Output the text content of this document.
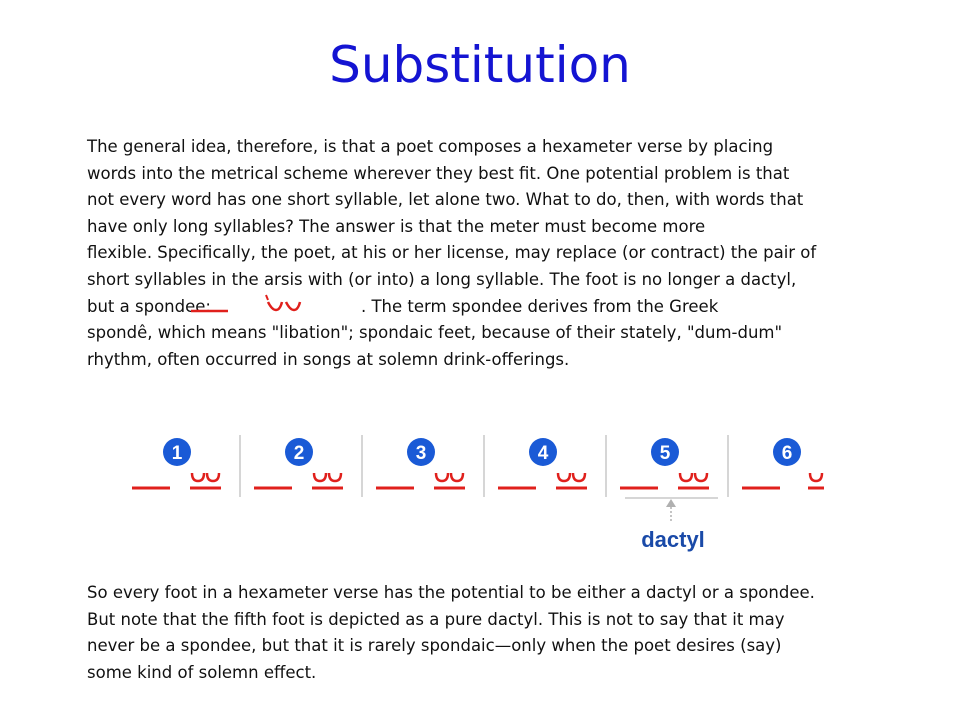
Substitution
The general idea, therefore, is that a poet composes a hexameter verse by placing
words into the metrical scheme wherever they best fit. One potential problem is that
not every word has one short syllable, let alone two. What to do, then, with words that
have only long syllables? The answer is that the meter must become more
flexible. Specifically, the poet, at his or her license, may replace (or contract) the pair of
short syllables in the arsis with (or into) a long syllable. The foot is no longer a dactyl,
but a spondee:	. The term spondee derives from the Greek
spondê, which means "libation"; spondaic feet, because of their stately, "dum-dum"
rhythm, often occurred in songs at solemn drink-offerings.
1	2	3	4	5	6
dactyl
So every foot in a hexameter verse has the potential to be either a dactyl or a spondee.
But note that the fifth foot is depicted as a pure dactyl. This is not to say that it may
never be a spondee, but that it is rarely spondaic—only when the poet desires (say)
some kind of solemn effect.
